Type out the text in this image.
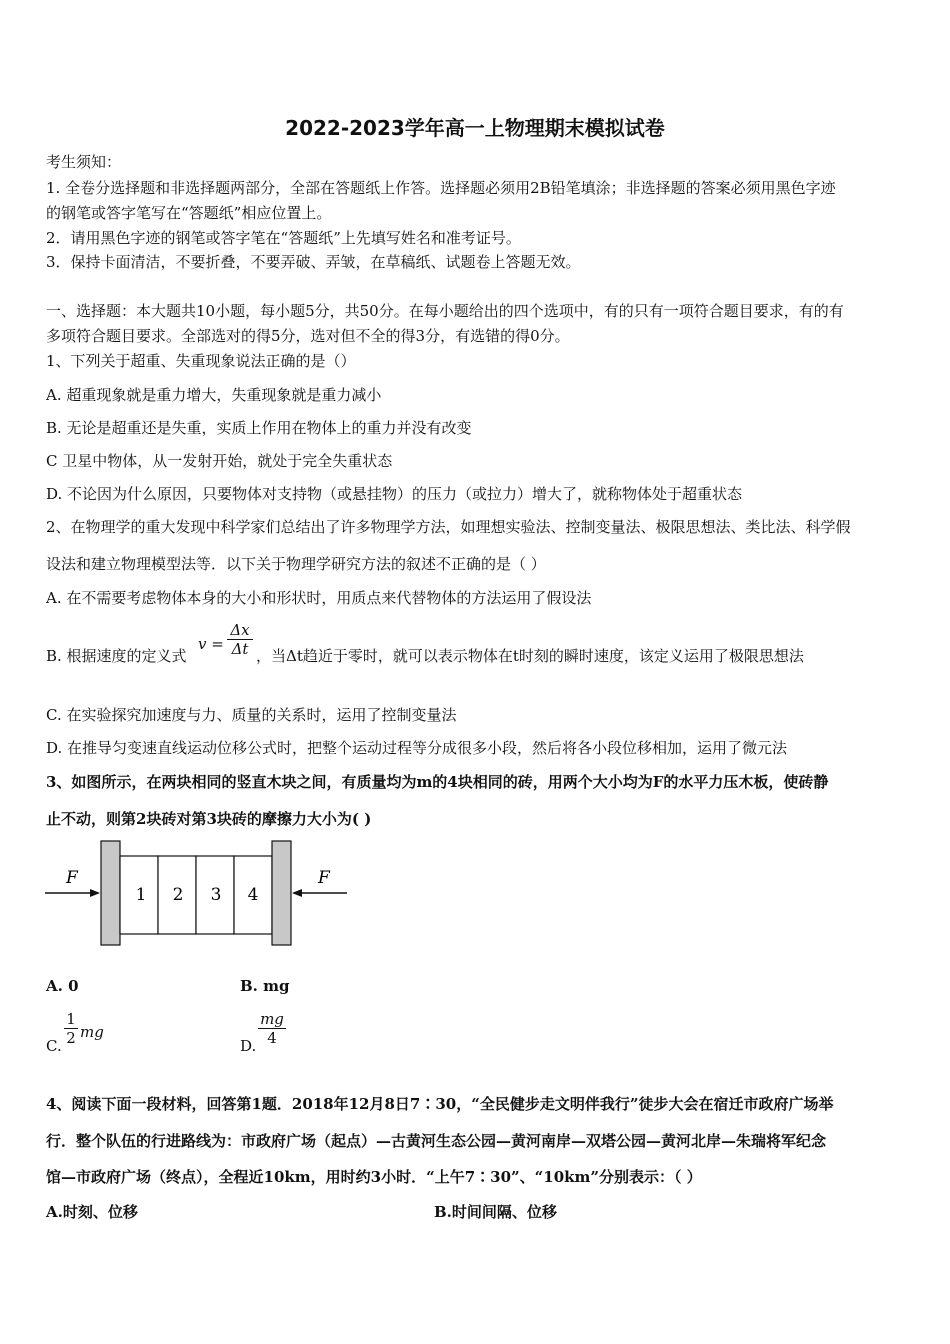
2022-2023学年高一上物理期末模拟试卷
考生须知：
1. 全卷分选择题和非选择题两部分，全部在答题纸上作答。选择题必须用2B铅笔填涂；非选择题的答案必须用黑色字迹
的钢笔或答字笔写在“答题纸”相应位置上。
2．请用黑色字迹的钢笔或答字笔在“答题纸”上先填写姓名和准考证号。
3．保持卡面清洁，不要折叠，不要弄破、弄皱，在草稿纸、试题卷上答题无效。
一、选择题：本大题共10小题，每小题5分，共50分。在每小题给出的四个选项中，有的只有一项符合题目要求，有的有
多项符合题目要求。全部选对的得5分，选对但不全的得3分，有选错的得0分。
1、下列关于超重、失重现象说法正确的是（）
A. 超重现象就是重力增大，失重现象就是重力减小
B. 无论是超重还是失重，实质上作用在物体上的重力并没有改变
C 卫星中物体，从一发射开始，就处于完全失重状态
D. 不论因为什么原因，只要物体对支持物（或悬挂物）的压力（或拉力）增大了，就称物体处于超重状态
2、在物理学的重大发现中科学家们总结出了许多物理学方法，如理想实验法、控制变量法、极限思想法、类比法、科学假
设法和建立物理模型法等．以下关于物理学研究方法的叙述不正确的是（ ）
A. 在不需要考虑物体本身的大小和形状时，用质点来代替物体的方法运用了假设法
B. 根据速度的定义式
v =
Δx
Δt ，当Δt趋近于零时，就可以表示物体在t时刻的瞬时速度，该定义运用了极限思想法
C. 在实验探究加速度与力、质量的关系时，运用了控制变量法
D. 在推导匀变速直线运动位移公式时，把整个运动过程等分成很多小段，然后将各小段位移相加，运用了微元法
3、如图所示，在两块相同的竖直木块之间，有质量均为m的4块相同的砖，用两个大小均为F的水平力压木板，使砖静
止不动，则第2块砖对第3块砖的摩擦力大小为( )
F
1 2 3 4
F
A. 0	B. mg
C.
1
2 mg
D.
mg
4
4、阅读下面一段材料，回答第1题．2018年12月8日7∶30，“全民健步走文明伴我行”徒步大会在宿迁市政府广场举
行．整个队伍的行进路线为：市政府广场（起点）—古黄河生态公园—黄河南岸—双塔公园—黄河北岸—朱瑞将军纪念
馆—市政府广场（终点），全程近10km，用时约3小时．“上午7∶30”、“10km”分别表示：（ ）
A.时刻、位移	B.时间间隔、位移
